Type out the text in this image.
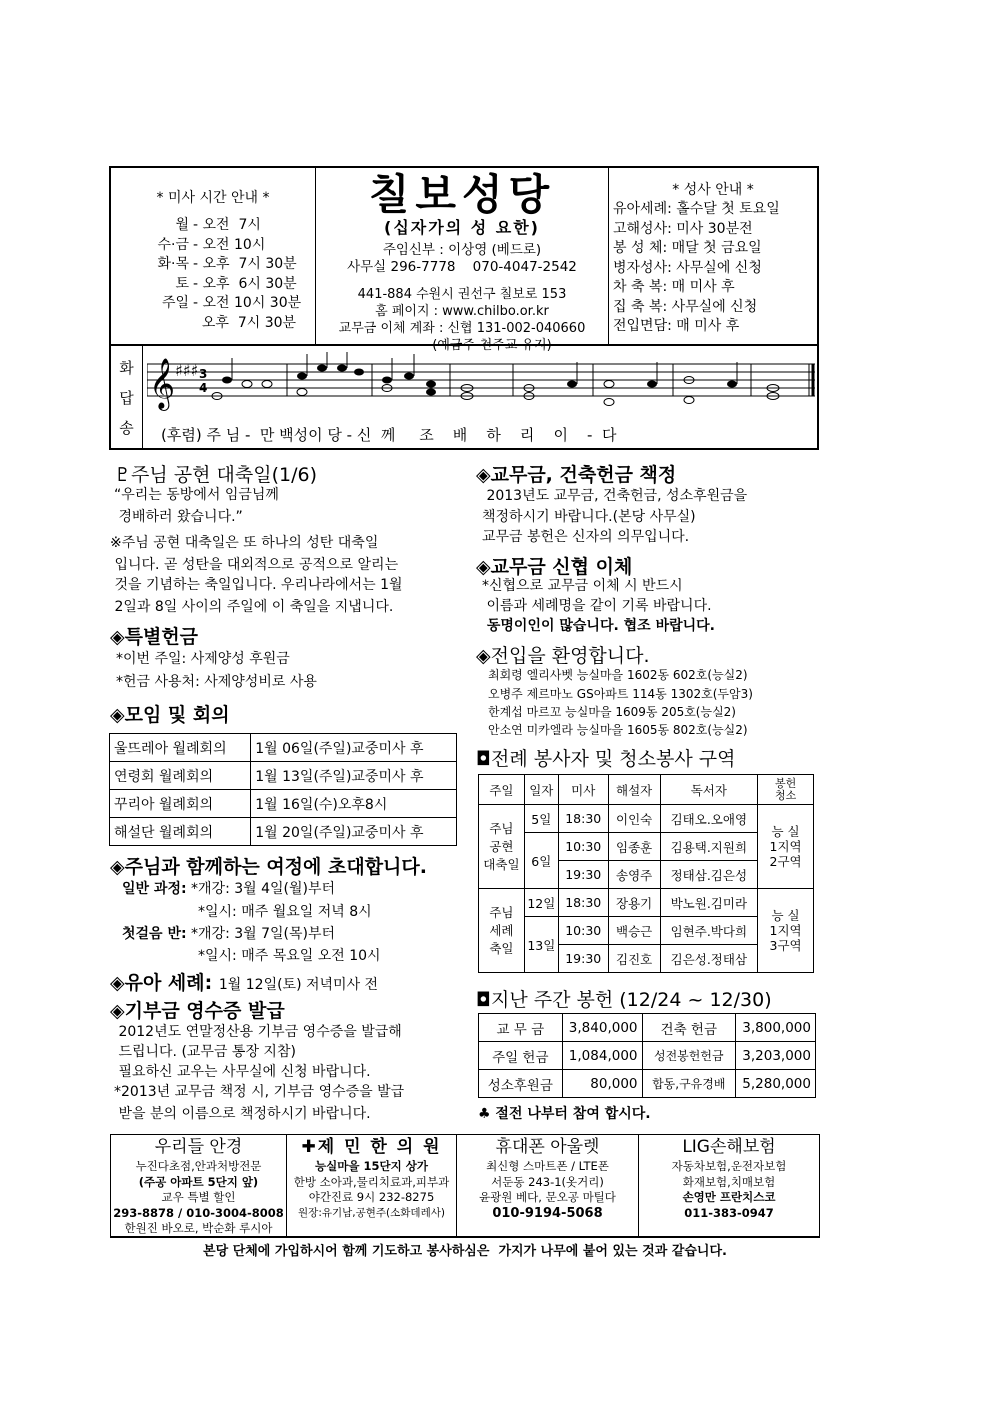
* 미사 시간 안내 *
월 - 오전  7시
수·금 - 오전 10시
화·목 - 오후  7시 30분
토 - 오후  6시 30분
주일 - 오전 10시 30분
오후  7시 30분
칠보성당
(십자가의 성 요한)
주임신부 : 이상영 (베드로)
사무실 296-7778    070-4047-2542
441-884 수원시 권선구 칠보로 153
홈 페이지 : www.chilbo.or.kr
교무금 이체 계좌 : 신협 131-002-040660
(예금주-천주교 유지)
* 성사 안내 *
유아세례: 홀수달 첫 토요일
고해성사: 미사 30분전
봉 성 체: 매달 첫 금요일
병자성사: 사무실에 신청
차 축 복: 매 미사 후
집 축 복: 사무실에 신청
전입면담: 매 미사 후
화
답
송
𝄞 ♯♯♯ 3
4
(후렴) 주 님 -  만 백성이 당 - 신  께     조    배    하    리    이    -  다
♇주님 공현 대축일(1/6)
“우리는 동방에서 임금님께
경배하러 왔습니다.”
※주님 공현 대축일은 또 하나의 성탄 대축일
입니다. 곧 성탄을 대외적으로 공적으로 알리는
것을 기념하는 축일입니다. 우리나라에서는 1월
2일과 8일 사이의 주일에 이 축일을 지냅니다.
◈특별헌금
*이번 주일: 사제양성 후원금
*헌금 사용처: 사제양성비로 사용
◈모임 및 회의
울뜨레아 월례회의	1월 06일(주일)교중미사 후
연령회 월례회의	1월 13일(주일)교중미사 후
꾸리아 월례회의	1월 16일(수)오후8시
해설단 월례회의	1월 20일(주일)교중미사 후
◈주님과 함께하는 여정에 초대합니다.
일반 과정: *개강: 3월 4일(월)부터
*일시: 매주 월요일 저녁 8시
첫걸음 반: *개강: 3월 7일(목)부터
*일시: 매주 목요일 오전 10시
◈유아 세례: 1월 12일(토) 저녁미사 전
◈기부금 영수증 발급
2012년도 연말정산용 기부금 영수증을 발급해
드립니다. (교무금 통장 지참)
필요하신 교우는 사무실에 신청 바랍니다.
*2013년 교무금 책정 시, 기부금 영수증을 발급
받을 분의 이름으로 책정하시기 바랍니다.
◈교무금, 건축헌금 책정
2013년도 교무금, 건축헌금, 성소후원금을
책정하시기 바랍니다.(본당 사무실)
교무금 봉헌은 신자의 의무입니다.
◈교무금 신협 이체
*신협으로 교무금 이체 시 반드시
이름과 세례명을 같이 기록 바랍니다.
동명이인이 많습니다. 협조 바랍니다.
◈전입을 환영합니다.
최회령 엘리사벳 능실마을 1602동 602호(능실2)
오병주 제르마노 GS아파트 114동 1302호(두암3)
한계섭 마르꼬 능실마을 1609동 205호(능실2)
안소연 미카엘라 능실마을 1605동 802호(능실2)
◘전례 봉사자 및 청소봉사 구역
주일	일자	미사	해설자	독서자	봉헌
청소
주님
공현
대축일	5일	18:30	이인숙	김태오.오애영	능 실
1지역
2구역
	6일	10:30	임종훈	김용택.지원희	
		19:30	송영주	정태삼.김은성	
주님
세례
축일	12일	18:30	장용기	박노원.김미라	능 실
1지역
3구역
	13일	10:30	백승근	임현주.박다희	
		19:30	김진호	김은성.정태삼	
◘지난 주간 봉헌 (12/24 ~ 12/30)
교 무 금	3,840,000	건축 헌금	3,800,000
주일 헌금	1,084,000	성전봉헌헌금	3,203,000
성소후원금	80,000	합동,구유경배	5,280,000
♣ 절전 나부터 참여 합시다.
우리들 안경
누진다초점,안과처방전문
(주공 아파트 5단지 앞)
교우 특별 할인
293-8878 / 010-3004-8008
한원진 바오로, 박순화 루시아
✚제 민 한 의 원
능실마을 15단지 상가
한방 소아과,물리치료과,피부과
야간진료 9시 232-8275
원장:유기남,공현주(소화데레사)
휴대폰 아울렛
최신형 스마트폰 / LTE폰
서둔동 243-1(옷거리)
윤광원 베다, 문오공 마틸다
010-9194-5068
LIG손해보험
자동차보험,운전자보험
화재보험,치매보험
손영만 프란치스코
011-383-0947
본당 단체에 가입하시어 함께 기도하고 봉사하심은  가지가 나무에 붙어 있는 것과 같습니다.
